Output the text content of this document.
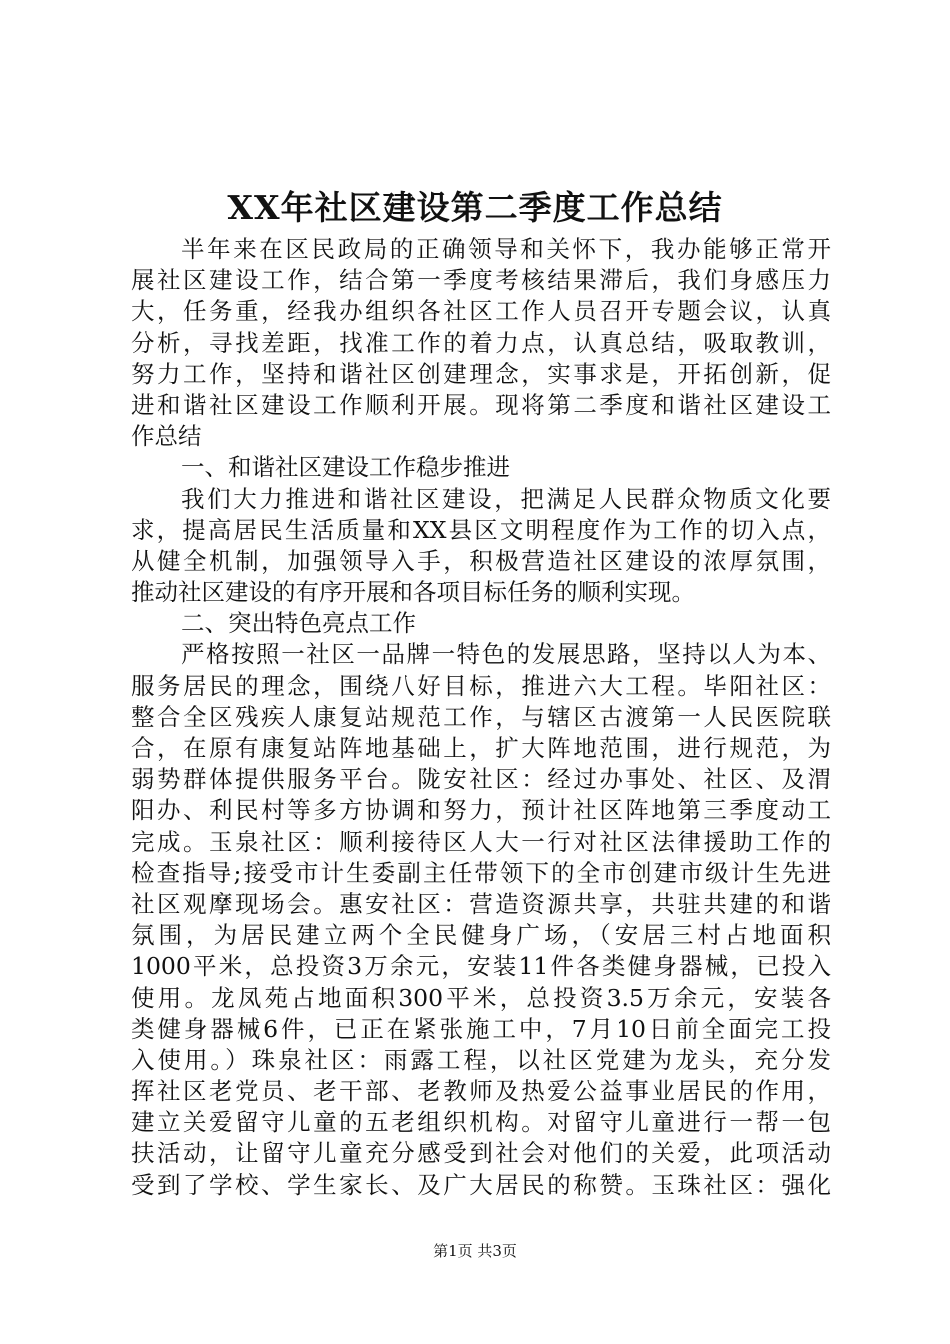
XX年社区建设第二季度工作总结
半年来在区民政局的正确领导和关怀下，我办能够正常开
展社区建设工作，结合第一季度考核结果滞后，我们身感压力
大，任务重，经我办组织各社区工作人员召开专题会议，认真
分析，寻找差距，找准工作的着力点，认真总结，吸取教训，
努力工作，坚持和谐社区创建理念，实事求是，开拓创新，促
进和谐社区建设工作顺利开展。现将第二季度和谐社区建设工
作总结
一、和谐社区建设工作稳步推进
我们大力推进和谐社区建设，把满足人民群众物质文化要
求，提高居民生活质量和XX县区文明程度作为工作的切入点，
从健全机制，加强领导入手，积极营造社区建设的浓厚氛围，
推动社区建设的有序开展和各项目标任务的顺利实现。
二、突出特色亮点工作
严格按照一社区一品牌一特色的发展思路，坚持以人为本、
服务居民的理念，围绕八好目标，推进六大工程。毕阳社区：
整合全区残疾人康复站规范工作，与辖区古渡第一人民医院联
合，在原有康复站阵地基础上，扩大阵地范围，进行规范，为
弱势群体提供服务平台。陇安社区：经过办事处、社区、及渭
阳办、利民村等多方协调和努力，预计社区阵地第三季度动工
完成。玉泉社区：顺利接待区人大一行对社区法律援助工作的
检查指导;接受市计生委副主任带领下的全市创建市级计生先进
社区观摩现场会。惠安社区：营造资源共享，共驻共建的和谐
氛围，为居民建立两个全民健身广场，（安居三村占地面积
1000平米，总投资3万余元，安装11件各类健身器械，已投入
使用。龙凤苑占地面积300平米，总投资3.5万余元，安装各
类健身器械6件，已正在紧张施工中，7月10日前全面完工投
入使用。）珠泉社区：雨露工程，以社区党建为龙头，充分发
挥社区老党员、老干部、老教师及热爱公益事业居民的作用，
建立关爱留守儿童的五老组织机构。对留守儿童进行一帮一包
扶活动，让留守儿童充分感受到社会对他们的关爱，此项活动
受到了学校、学生家长、及广大居民的称赞。玉珠社区：强化
第1页 共3页
